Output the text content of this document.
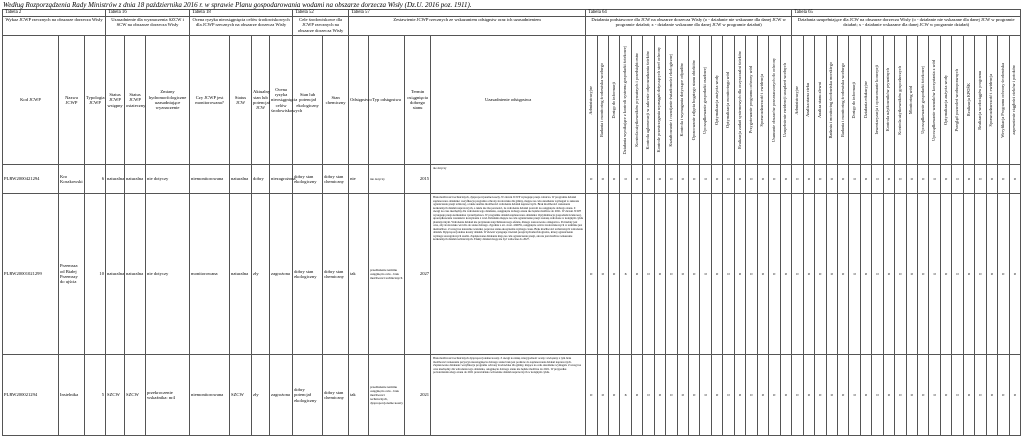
Według Rozporządzenia Rady Ministrów z dnia 18 października 2016 r. w sprawie Planu gospodarowania wodami na obszarze dorzecza Wisły (Dz.U. 2016 poz. 1911).
Tabela 2			Tabela 16			Tabela 18				Tabela 52		Tabela 57				Tabela 64																		Tabela 65																			
Wykaz JCWP rzecznych na obszarze dorzecza Wisły			Uzasadnienie dla wyznaczenia SZCW i SCW na obszarze dorzecza Wisły			Ocena ryzyka nieosiągnięcia celów środowiskowych dla JCWP rzecznych na obszarze dorzecza Wisły				Cele środowiskowe dla JCWP rzecznych na obszarze dorzecza Wisły		Zestawienie JCWP rzecznych ze wskazaniem odstępstw oraz ich uzasadnieniem				Działania podstawowe dla JCW na obszarze dorzecza Wisły (o - działanie nie wskazane dla danej JCW w programie działań; x - działanie wskazane dla danej JCW w programie działań)																		Działania uzupełniające dla JCW na obszarze dorzecza Wisły (o - działanie nie wskazane dla danej JCW w programie działań; x - działanie wskazane dla danej JCW w programie działań)																			
Kod JCWP	Nazwa JCWP	Typologia JCWP	Status JCWP wstępny	Status JCWP ostateczny	Zmiany hydromorfologiczne uzasadniające wyznaczenie	Czy JCWP jest monitorowana?	Status JCW	Aktualny stan lub potencjał JCW	Ocena ryzyka nieosiągnięcia celów środowiskowych	Stan lub potencjał ekologiczny	Stan chemiczny	Odstępstwo	Typ odstępstwa	Termin osiągnięcia dobrego stanu	Uzasadnienie odstępstwa	Administracyjne	Badania i monitoring środowiska wodnego	Dostęp do informacji	Działania wynikające z kontroli systemu gospodarki ściekowej	Kontrola użytkowników prywatnych i przedsiębiorstw	Kontrola aglomeracji w zakresie odprowadzania ścieków	Kontrole przestrzegania wymagań dotyczących stref ochrony	Kształtowanie i rozwijanie świadomości ekologicznej	Kontrola i wymagania dotyczące odpadów	Opracowanie zdjęcia bogatego stanu obiektów	Uporządkowanie gospodarki osadowej	Optymalizacja zużycia wody	Optymalizacja monitoringu wód	Realizacja zadań systemowych dla oczyszczalni ścieków	Przygotowanie programu ochrony wód	Sprawozdawczość i ewidencja	Usuwanie obszarów przeznaczonych do ochrony	Uzupełnienie ewidencji urządzeń wodnych	Administracyjne	Analiza stanu cieku	Analiza stanu zlewni	Badania i monitoring środowiska morskiego	Badania i monitoring środowiska wodnego	Dostęp do informacji	Działania edukacyjne	Inwentaryzacja i opracowanie koncepcji	Kontrola użytkowników prywatnych	Kontrola użytkowników gospodarczych	Monitoring wód	Uporządkowanie gospodarki ściekowej	Uporządkowanie warunków korzystania z wód	Optymalizacja zużycia wody	Przegląd pozwoleń wodnoprawnych	Realizacja KPOŚK	Realizacja wodociągów programu	Sprawozdawczość i ewidencja	Weryfikacja Programu ochrony środowiska	zapewnienie ciągłości cieków i potoków

PLRW2000421294	Kro Koszkowski	6	naturalna	naturalna	nie dotyczy	niemonitorowana	naturalna	dobry	niezagrożona	dobry stan ekologiczny	dobry stan chemiczny	nie	nie dotyczy	2015	nie dotyczy	o	o	o	o	o	o	o	o	o	o	o	o	o	o	o	o	o	o	o	o	o	o	o	o	o	o	o	o	o	o	o	o	o	o	o	o	o	o
PLRW20001021299	Przemsza od Białej Przemszy do ujścia	10	naturalna	naturalna	nie dotyczy	monitorowana	naturalna	zły	zagrożona	dobry stan ekologiczny	dobry stan chemiczny	tak	przedłużenie terminu osiągnięcia celu - brak możliwości technicznych	2027	Brak możliwości technicznych, dysproporcjonalne koszty. W zlewni JCWP występuje presja rolnicza. W programie działań zaplanowano działanie: weryfikacja programu ochrony środowiska dla gminy, mające na celu określenie wymagań w zakresie ograniczania presji rolniczej, a także analiza możliwości wdrożenia działań naprawczych. Brak możliwości wskazania konkretnych działań naprawczych, a także nie ma pewności, że wdrożenie działań pozwoli na osiągnięcie dobrego stanu. Z uwagi na czas niezbędny dla wdrożenia tego działania, osiągnięcie dobrego stanu nie będzie możliwe do 2021. W zlewni JCWP występuje presja komunalna i przemysłowa. W programie działań zaplanowano działania: Optymalizacja gospodarki ściekowej, uporządkowanie warunków korzystania z wód. Działania mające na celu ograniczenie presji zostaną wdrożone w kolejnym cyklu planistycznym. Wdrożenie działań nie przyniesie natychmiastowego efektu, dlatego zastosowano odstępstwo. Potrzebny jest czas, aby środowisko wróciło do stanu dobrego. Zgodnie z art. 4 ust. 4 RDW, osiągnięcie celów środowiskowych w terminie jest niemożliwe. Z uwagi na naturalne warunki, poprawa stanu ekosystemu wymaga czasu. Brak możliwości technicznych wdrożenia działań. Dysproporcjonalne koszty działań. W zlewni występuje również presja hydromorfologiczna, której ograniczenie wymaga szczegółowych analiz. Zaplanowane działania mają na celu ograniczenie presji, ale nie jest możliwe wskazanie konkretnych działań technicznych. Efekty działań mogą nie być widoczne do 2027.	o	o	o	x	o	o	o	o	o	o	o	o	o	o	o	o	o	o	o	o	o	o	o	o	o	o	o	o	o	o	o	o	o	o	o	o	o	o
PLRW200021294	Insielnika	5	SZCW	SZCW	przekroczenie wskaźnika: nr4	niemonitorowana	SZCW	zły	zagrożona	dobry potencjał ekologiczny	dobry stan chemiczny	tak	przedłużenie terminu osiągnięcia celu - brak możliwości technicznych, dysproporcjonalne koszty	2021	Brak możliwości technicznych dysproporcjonalne koszty. Z uwagi na niską wiarygodność oceny i związany z tym brak możliwości wskazania przyczyn nieosiągnięcia dobrego stanu brak jest podstaw do zaplanowania działań naprawczych. Zaplanowano działanie: weryfikacja programu ochrony środowiska dla gminy, mające na celu określenie wymagań. Z uwagi na czas niezbędny dla wdrożenia tego działania, osiągnięcie dobrego stanu nie będzie możliwe do 2021. W przypadku potwierdzenia złego stanu do 2021 przewidziano wdrożenie działań naprawczych w kolejnym cyklu.	o	o	o	x	o	o	o	o	o	o	o	o	o	o	o	o	o	o	o	o	o	o	o	o	o	o	o	o	o	o	o	o	o	o	o	o	o	o
